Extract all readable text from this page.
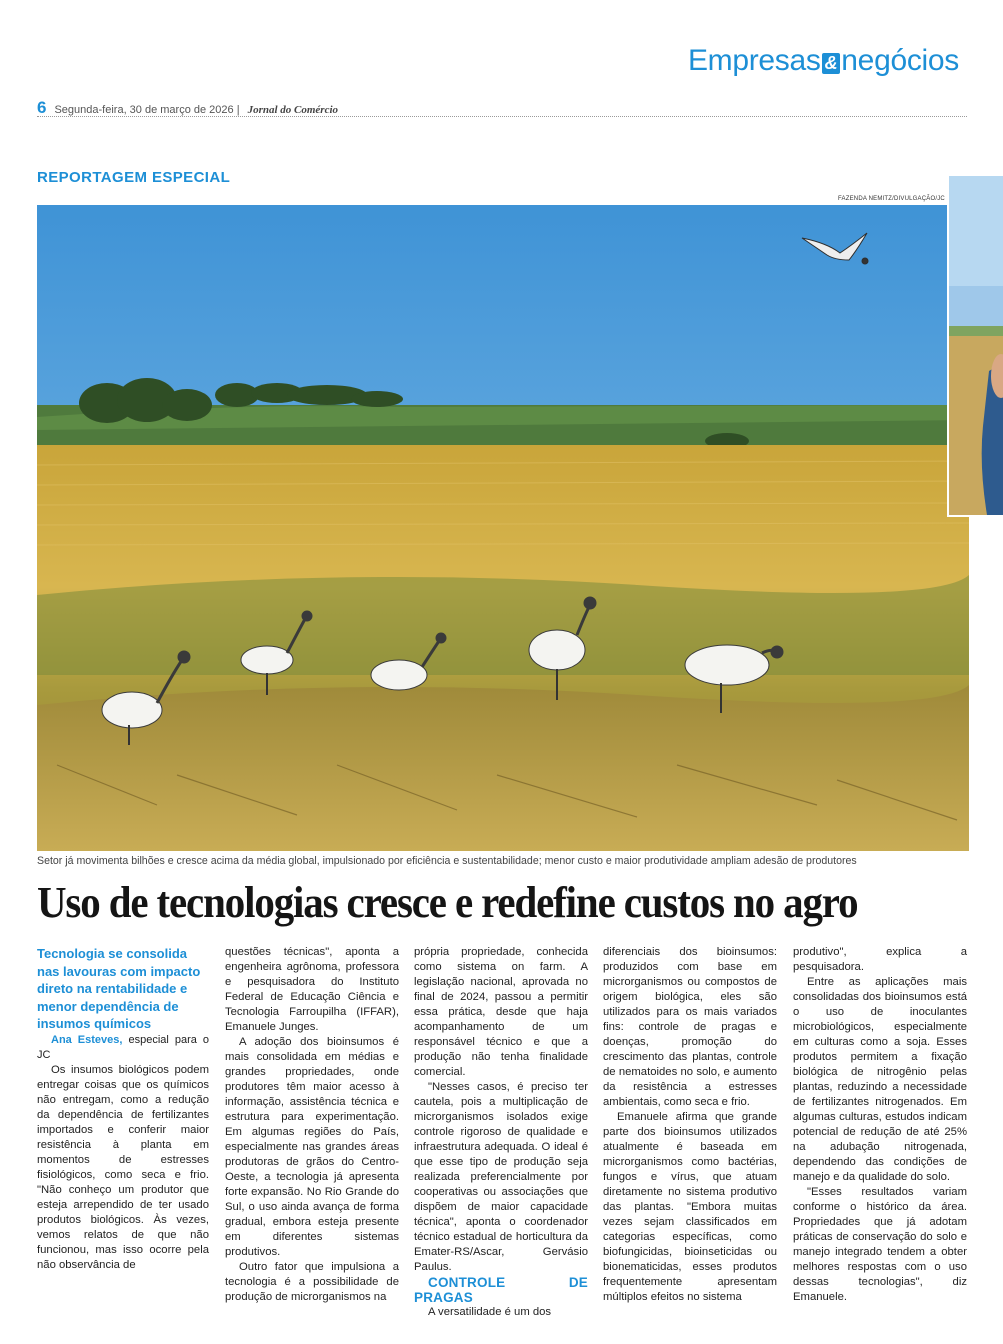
Empresas & negócios
6 Segunda-feira, 30 de março de 2026 | Jornal do Comércio
REPORTAGEM ESPECIAL
FAZENDA NEMITZ/DIVULGAÇÃO/JC
Setor já movimenta bilhões e cresce acima da média global, impulsionado por eficiência e sustentabilidade; menor custo e maior produtividade ampliam adesão de produtores
Uso de tecnologias cresce e redefine custos no agro

Tecnologia se consolida nas lavouras com impacto direto na rentabilidade e menor dependência de insumos químicos

Ana Esteves, especial para o JC

Os insumos biológicos podem entregar coisas que os químicos não entregam, como a redução da dependência de fertilizantes importados e conferir maior resistência à planta em momentos de estresses fisiológicos, como seca e frio. "Não conheço um produtor que esteja arrependido de ter usado produtos biológicos. Às vezes, vemos relatos de que não funcionou, mas isso ocorre pela não observância de

questões técnicas", aponta a engenheira agrônoma, professora e pesquisadora do Instituto Federal de Educação Ciência e Tecnologia Farroupilha (IFFAR), Emanuele Junges.

A adoção dos bioinsumos é mais consolidada em médias e grandes propriedades, onde produtores têm maior acesso à informação, assistência técnica e estrutura para experimentação. Em algumas regiões do País, especialmente nas grandes áreas produtoras de grãos do Centro-Oeste, a tecnologia já apresenta forte expansão. No Rio Grande do Sul, o uso ainda avança de forma gradual, embora esteja presente em diferentes sistemas produtivos.

Outro fator que impulsiona a tecnologia é a possibilidade de produção de microrganismos na

própria propriedade, conhecida como sistema on farm. A legislação nacional, aprovada no final de 2024, passou a permitir essa prática, desde que haja acompanhamento de um responsável técnico e que a produção não tenha finalidade comercial.

"Nesses casos, é preciso ter cautela, pois a multiplicação de microrganismos isolados exige controle rigoroso de qualidade e infraestrutura adequada. O ideal é que esse tipo de produção seja realizada preferencialmente por cooperativas ou associações que dispõem de maior capacidade técnica", aponta o coordenador técnico estadual de horticultura da Emater-RS/Ascar, Gervásio Paulus.

CONTROLE DE PRAGAS

A versatilidade é um dos

diferenciais dos bioinsumos: produzidos com base em microrganismos ou compostos de origem biológica, eles são utilizados para os mais variados fins: controle de pragas e doenças, promoção do crescimento das plantas, controle de nematoides no solo, e aumento da resistência a estresses ambientais, como seca e frio.

Emanuele afirma que grande parte dos bioinsumos utilizados atualmente é baseada em microrganismos como bactérias, fungos e vírus, que atuam diretamente no sistema produtivo das plantas. "Embora muitas vezes sejam classificados em categorias específicas, como biofungicidas, bioinseticidas ou bionematicidas, esses produtos frequentemente apresentam múltiplos efeitos no sistema

produtivo", explica a pesquisadora.

Entre as aplicações mais consolidadas dos bioinsumos está o uso de inoculantes microbiológicos, especialmente em culturas como a soja. Esses produtos permitem a fixação biológica de nitrogênio pelas plantas, reduzindo a necessidade de fertilizantes nitrogenados. Em algumas culturas, estudos indicam potencial de redução de até 25% na adubação nitrogenada, dependendo das condições de manejo e da qualidade do solo.

"Esses resultados variam conforme o histórico da área. Propriedades que já adotam práticas de conservação do solo e manejo integrado tendem a obter melhores respostas com o uso dessas tecnologias", diz Emanuele.
